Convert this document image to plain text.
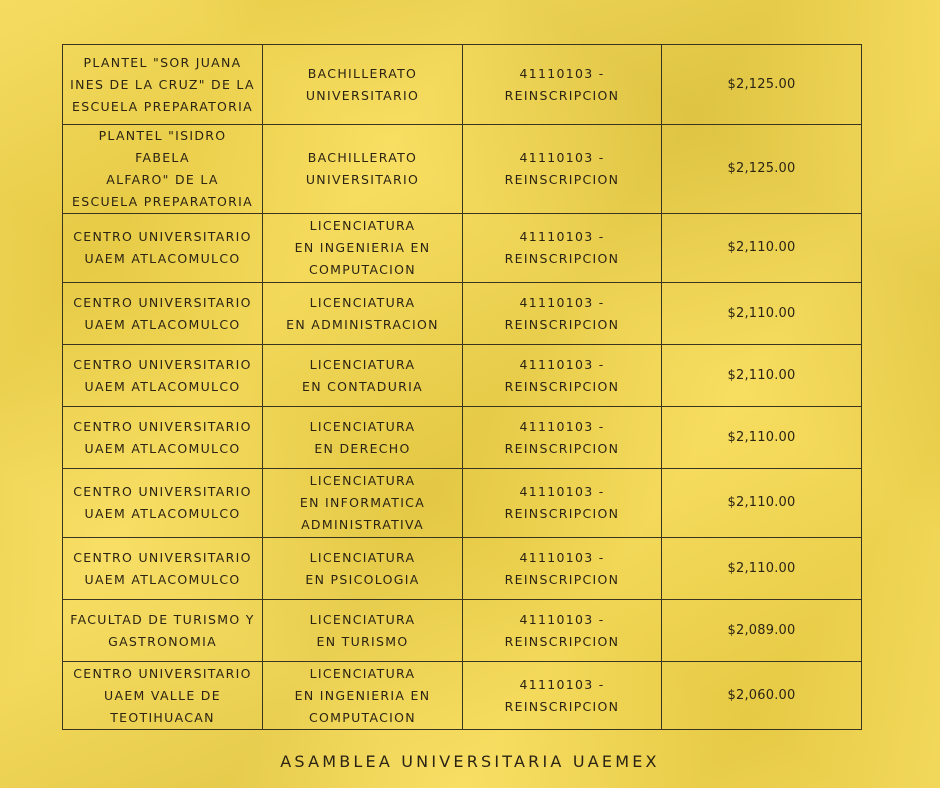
PLANTEL "SOR JUANA
INES DE LA CRUZ" DE LA
ESCUELA PREPARATORIA	BACHILLERATO
UNIVERSITARIO	41110103 - REINSCRIPCION	$2,125.00
PLANTEL "ISIDRO FABELA
ALFARO" DE LA
ESCUELA PREPARATORIA	BACHILLERATO
UNIVERSITARIO	41110103 - REINSCRIPCION	$2,125.00
CENTRO UNIVERSITARIO
UAEM ATLACOMULCO	LICENCIATURA
EN INGENIERIA EN
COMPUTACION	41110103 - REINSCRIPCION	$2,110.00
CENTRO UNIVERSITARIO
UAEM ATLACOMULCO	LICENCIATURA
EN ADMINISTRACION	41110103 - REINSCRIPCION	$2,110.00
CENTRO UNIVERSITARIO
UAEM ATLACOMULCO	LICENCIATURA
EN CONTADURIA	41110103 - REINSCRIPCION	$2,110.00
CENTRO UNIVERSITARIO
UAEM ATLACOMULCO	LICENCIATURA
EN DERECHO	41110103 - REINSCRIPCION	$2,110.00
CENTRO UNIVERSITARIO
UAEM ATLACOMULCO	LICENCIATURA
EN INFORMATICA
ADMINISTRATIVA	41110103 - REINSCRIPCION	$2,110.00
CENTRO UNIVERSITARIO
UAEM ATLACOMULCO	LICENCIATURA
EN PSICOLOGIA	41110103 - REINSCRIPCION	$2,110.00
FACULTAD DE TURISMO Y
GASTRONOMIA	LICENCIATURA
EN TURISMO	41110103 - REINSCRIPCION	$2,089.00
CENTRO UNIVERSITARIO
UAEM VALLE DE
TEOTIHUACAN	LICENCIATURA
EN INGENIERIA EN
COMPUTACION	41110103 - REINSCRIPCION	$2,060.00
ASAMBLEA UNIVERSITARIA UAEMEX
